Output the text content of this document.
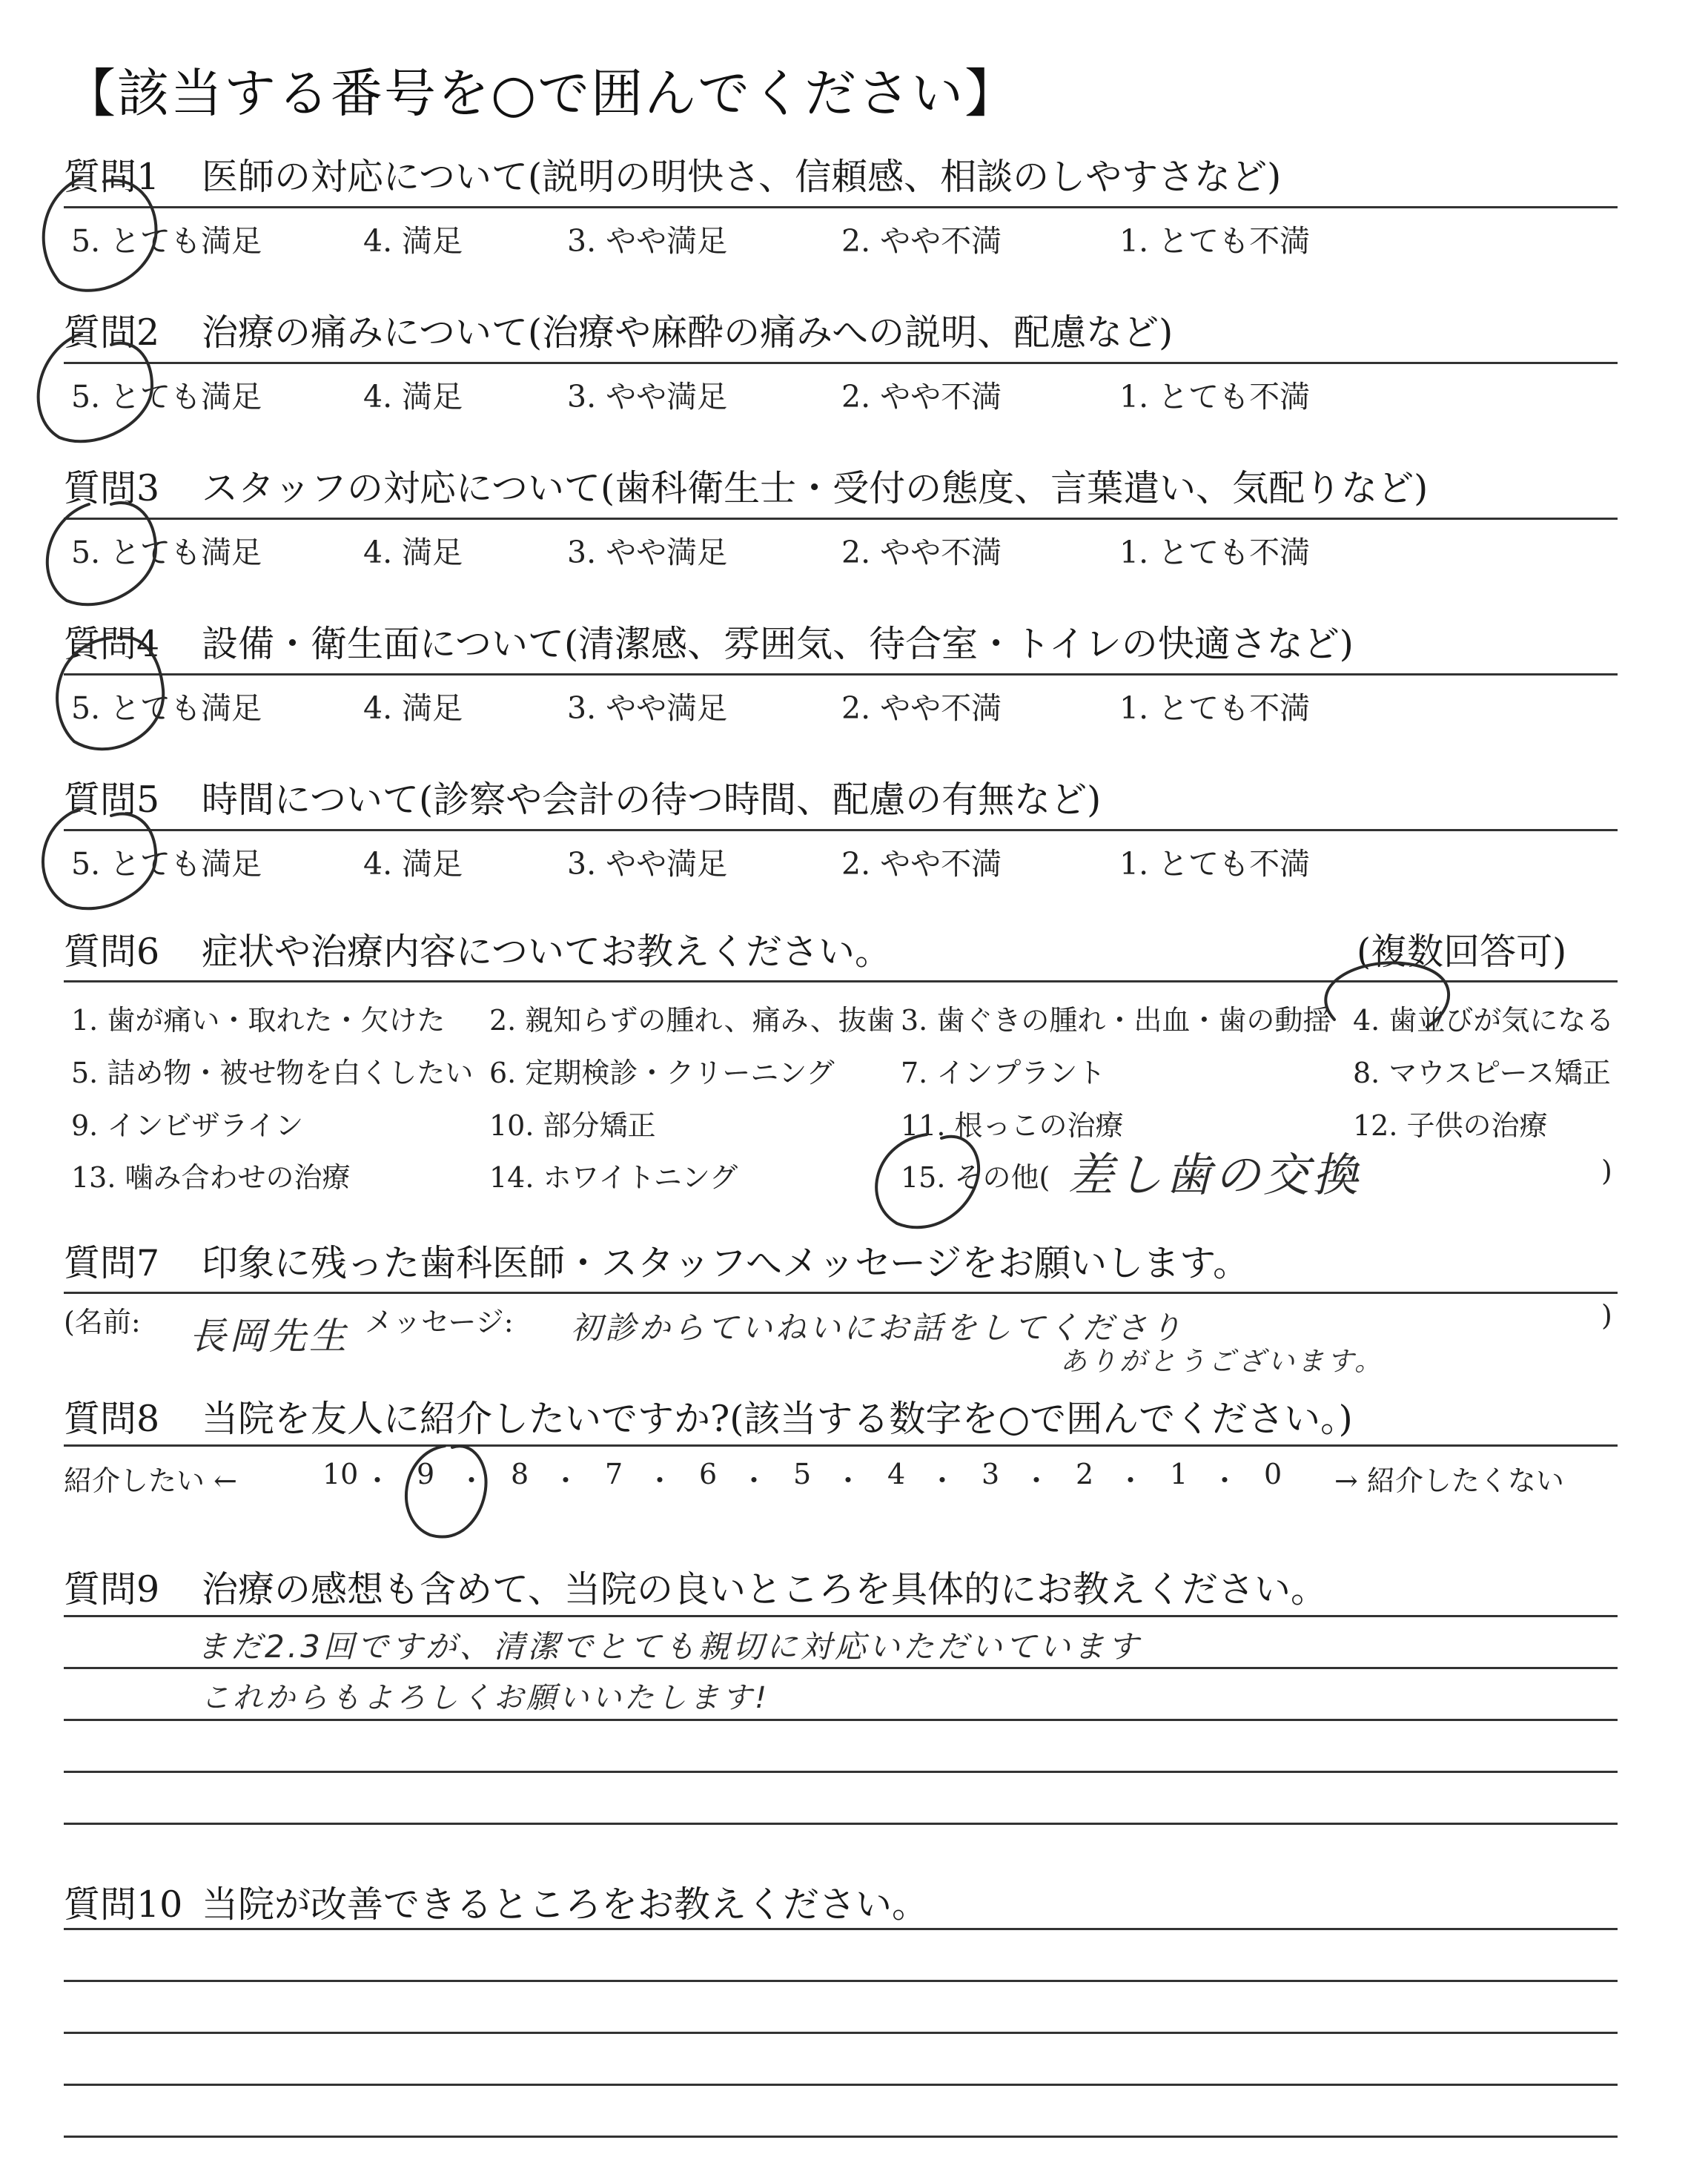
【該当する番号を○で囲んでください】
質問1 医師の対応について(説明の明快さ、信頼感、相談のしやすさなど)
5. とても満足	4. 満足	3. やや満足	2. やや不満	1. とても不満
質問2 治療の痛みについて(治療や麻酔の痛みへの説明、配慮など)
5. とても満足	4. 満足	3. やや満足	2. やや不満	1. とても不満
質問3 スタッフの対応について(歯科衛生士・受付の態度、言葉遣い、気配りなど)
5. とても満足	4. 満足	3. やや満足	2. やや不満	1. とても不満
質問4 設備・衛生面について(清潔感、雰囲気、待合室・トイレの快適さなど)
5. とても満足	4. 満足	3. やや満足	2. やや不満	1. とても不満
質問5 時間について(診察や会計の待つ時間、配慮の有無など)
5. とても満足	4. 満足	3. やや満足	2. やや不満	1. とても不満
質問6 症状や治療内容についてお教えください。	(複数回答可)
1. 歯が痛い・取れた・欠けた 2. 親知らずの腫れ、痛み、抜歯 3. 歯ぐきの腫れ・出血・歯の動揺 4. 歯並びが気になる
5. 詰め物・被せ物を白くしたい 6. 定期検診・クリーニング 7. インプラント	8. マウスピース矯正
9. インビザライン	10. 部分矯正	11. 根っこの治療	12. 子供の治療
13. 噛み合わせの治療	14. ホワイトニング	15. その他( 差し歯の交換	)
質問7 印象に残った歯科医師・スタッフへメッセージをお願いします。
(名前: 長岡先生 メッセージ: 初診からていねいにお話をしてくださり
ありがとうございます。
)
質問8 当院を友人に紹介したいですか?(該当する数字を○で囲んでください。)
紹介したい ←	10 ・ 9 ・ 8 ・ 7 ・ 6 ・ 5 ・ 4 ・ 3 ・ 2 ・ 1 ・ 0 → 紹介したくない
質問9 治療の感想も含めて、当院の良いところを具体的にお教えください。
まだ2.3回ですが、清潔でとても親切に対応いただいています
これからもよろしくお願いいたします!
質問10 当院が改善できるところをお教えください。
